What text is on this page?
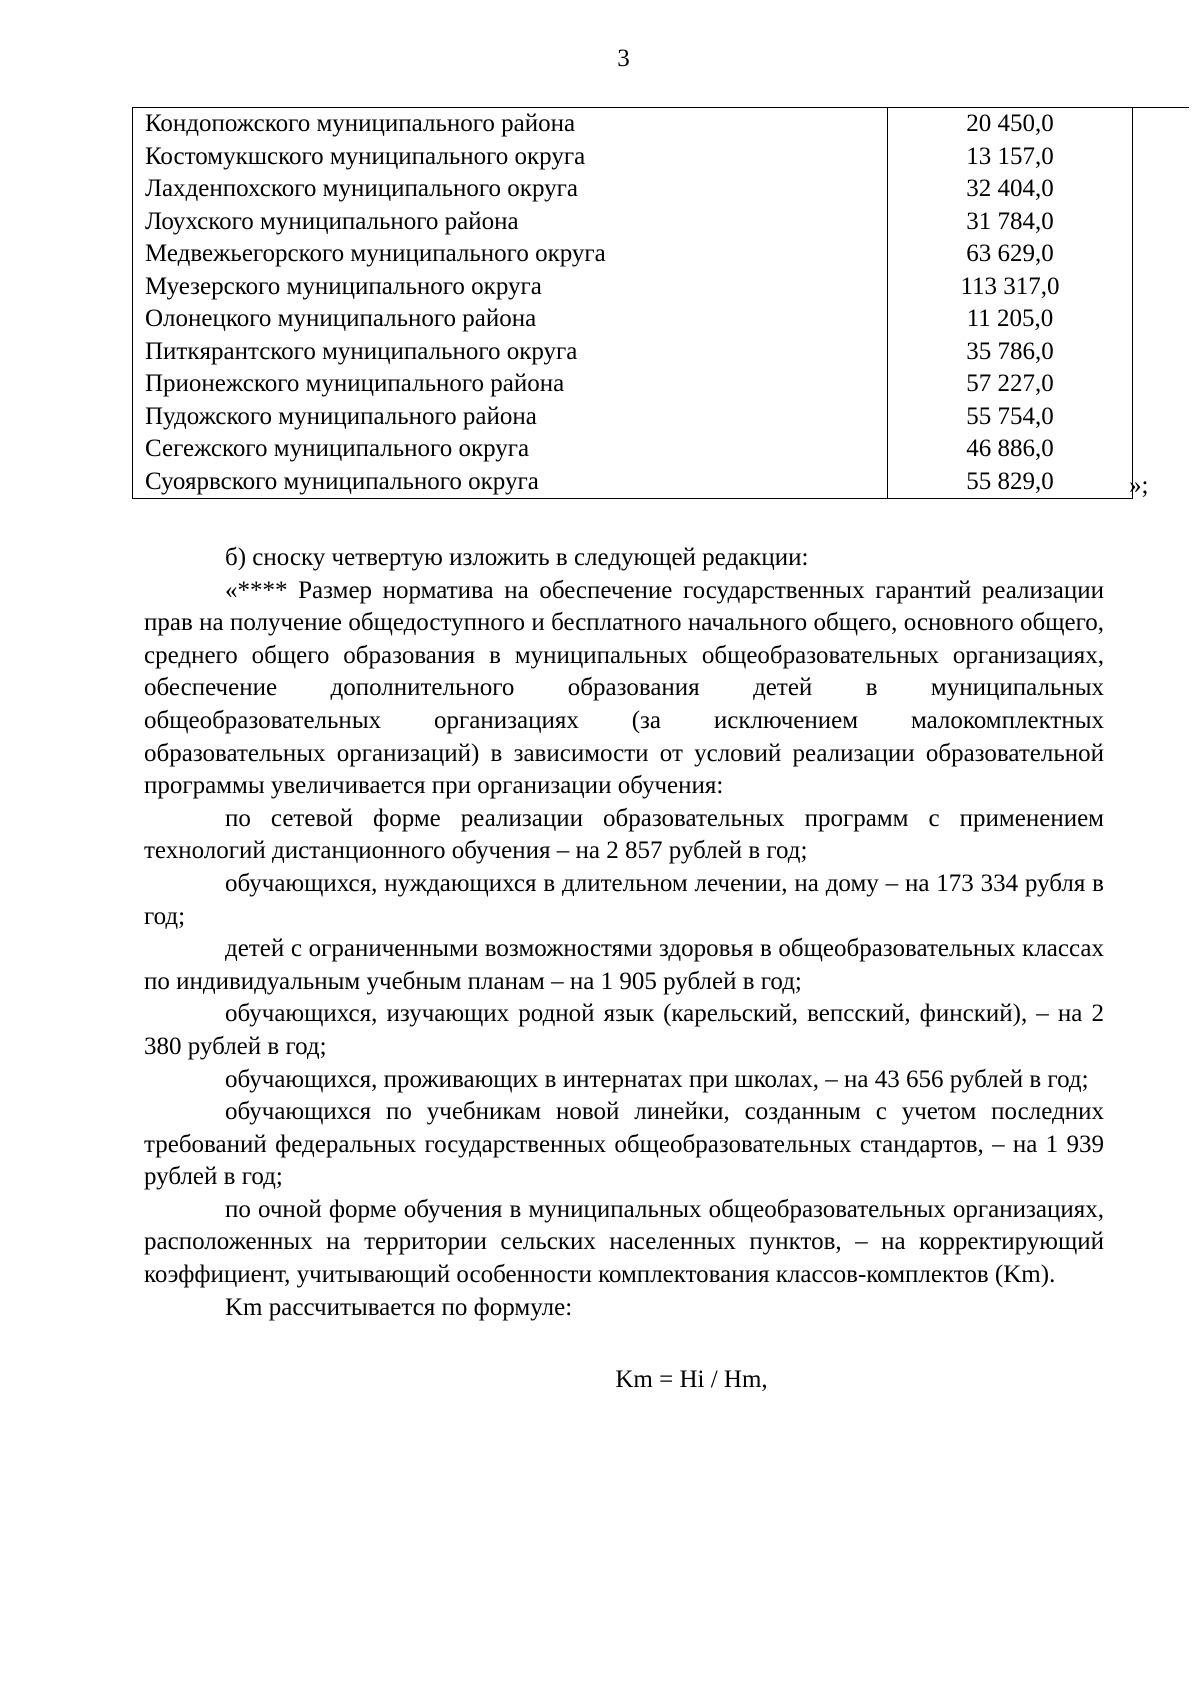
3
Кондопожского муниципального района	20 450,0
Костомукшского муниципального округа	13 157,0
Лахденпохского муниципального округа	32 404,0
Лоухского муниципального района	31 784,0
Медвежьегорского муниципального округа	63 629,0
Муезерского муниципального округа	113 317,0
Олонецкого муниципального района	11 205,0
Питкярантского муниципального округа	35 786,0
Прионежского муниципального района	57 227,0
Пудожского муниципального района	55 754,0
Сегежского муниципального округа	46 886,0
Суоярвского муниципального округа	55 829,0	»;

б) сноску четвертую изложить в следующей редакции:

«**** Размер норматива на обеспечение государственных гарантий реализации прав на получение общедоступного и бесплатного начального общего, основного общего, среднего общего образования в муниципальных общеобразовательных организациях, обеспечение дополнительного образования детей в муниципальных общеобразовательных организациях (за исключением малокомплектных образовательных организаций) в зависимости от условий реализации образовательной программы увеличивается при организации обучения:

по сетевой форме реализации образовательных программ с применением технологий дистанционного обучения – на 2 857 рублей в год;

обучающихся, нуждающихся в длительном лечении, на дому – на 173 334 рубля в год;

детей с ограниченными возможностями здоровья в общеобразовательных классах по индивидуальным учебным планам – на 1 905 рублей в год;

обучающихся, изучающих родной язык (карельский, вепсский, финский), – на 2 380 рублей в год;

обучающихся, проживающих в интернатах при школах, – на 43 656 рублей в год;

обучающихся по учебникам новой линейки, созданным с учетом последних требований федеральных государственных общеобразовательных стандартов, – на 1 939 рублей в год;

по очной форме обучения в муниципальных общеобразовательных организациях, расположенных на территории сельских населенных пунктов, – на корректирующий коэффициент, учитывающий особенности комплектования классов-комплектов (Km).

Km рассчитывается по формуле:

Km = Hi / Hm,
